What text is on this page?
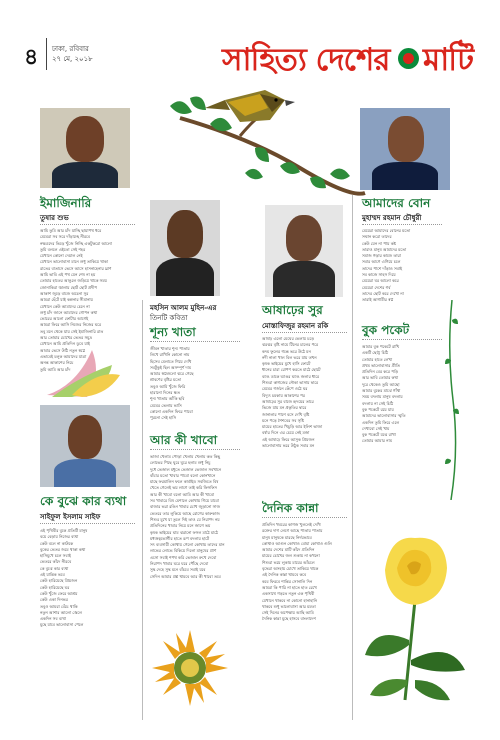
৪ ঢাকা, রবিবার
২৭ মে, ২০১৮	সাহিত্য দেশের মাটি
ইমাজিনারি
তুষার শুভ
আমি তুমি আর চাঁদ যাচ্ছি ছায়াপথ ধরে
মেঘেরা সব সরে দাঁড়াচ্ছে নীরবে
নক্ষত্রদের ভিড়ে খুঁজে নিচ্ছি একটুকরো আলো
তুমি বললে এইতো সেই শহর
যেখানে কোনো দেয়াল নেই
যেখানে ভালোবাসা মানে শুধু তাকিয়ে থাকা
রাতের বাতাসে ভেসে আসে হাসনাহেনার ঘ্রাণ
আমি ভাবি এই পথ যেন শেষ না হয়
তোমার হাতের আঙুলে জড়িয়ে থাকে সময়
জোনাকিরা জ্বালায় ছোট ছোট প্রদীপ
আকাশ জুড়ে বাজে অচেনা সুর
আমরা হেঁটে যাই কল্পনার সীমানায়
যেখানে কেউ আমাদের চেনে না
শুধু চাঁদ জানে আমাদের গোপন কথা
ভোরের আলো ফোটার আগেই
আমরা ফিরে আসি নিজের নিজের ঘরে
তবু মনে থেকে যায় সেই ইমাজিনারি রাত
আর তোমার চোখের ভেতর সমুদ্র
যেখানে আমি প্রতিদিন ডুবে যাই
আবার ভেসে উঠি নতুন স্বপ্নে
এভাবেই চলুক আমাদের যাত্রা
অনন্ত আকাশের নিচে
তুমি আমি আর চাঁদ
মহসিন আলম মুহিন-এর
তিনটি কবিতা
শূন্য খাতা
জীবন খাতার শূন্য পাতায়
লিখে রাখিনি কোনো নাম
হিসেব মেলাতে গিয়ে দেখি
সবটুকুই ছিল অসম্পূর্ণ দাম
আমার স্বপ্নগুলো ঝরে গেছে
শ্রাবণের বৃষ্টির মতো
তবুও আমি খুঁজে ফিরি
হারানো দিনের ক্ষত
শূন্য খাতায় আঁকি ছবি
মেঘের ভেলায় ভাসি
কোনো একদিন ফিরে পাবো
পুরনো সেই হাসি
আর কী খাবো
ভাজা খেলাম পোড়া খেলাম খেলাম কত কিছু
লোভের পিছে ঘুরে ঘুরে হলাম শুধু নিচু
দুধে ভেজাল মধুতে ভেজাল ভেজাল সবখানে
বাঁচার মতো খাবার পাবো বলো কোনখানে
মাছে ফরমালিন ফলে কার্বাইড সবজিতে বিষ
খেতে গেলেই ভয় লাগে তাই করি ফিসফিস
আর কী খাবো বলো আমি আর কী খাবো
সব খাবারে বিষ মেশালে কোথায় গিয়ে যাবো
বাজার ভরা রঙিন খাবার চোখ জুড়ানো সাজ
ভেতরে তার লুকিয়ে আছে রোগের কারুকাজ
শিশুর মুখে যা তুলে দিই তাও যে নিরাপদ নয়
প্রতিদিনের খাবার নিয়ে মনে জাগে ভয়
কৃষক ভাইয়ের ঘাম ঝরানো ফসল মাঠে মাঠে
মধ্যস্বত্বভোগীর হাতে রূপ বদলায় হাটে
সৎ ব্যবসায়ী কোথায় গেলো কোথায় তাদের মান
লাভের লোভে বিকিয়ে দিলো মানুষের প্রাণ
এসো সবাই শপথ করি ভেজাল রুখে দেবো
নিরাপদ খাবার ঘরে ঘরে পৌঁছে দেবো
সুস্থ দেহে সুস্থ মনে বাঁচবে সবাই যবে
সেদিন আমার প্রশ্ন থামবে আর কী খাবো তবে
আষাঢ়ের সুর
মোস্তাফিজুর রহমান রকি
আষাঢ় এলো মেঘের ভেলায় চড়ে
ঝরঝর বৃষ্টি নামে টিনের চালের পরে
কদম ফুলের গন্ধে ভরে উঠে মন
নদী নালা খাল বিল ভরে যায় তখন
কৃষক ভাইয়ের মুখে হাসি ফোটে
ধানের চারা রোপণ করতে মাঠে ছোটে
ব্যাঙ ডাকে ঘ্যাঙর ঘ্যাঙ জলার ধারে
শিশুরা কাগজের নৌকা ভাসায় দ্বারে
মেঘের গর্জনে কেঁপে ওঠে ঘর
বিদ্যুৎ চমকায় আকাশের পর
আষাঢ়ের সুর বাজে হৃদয়ের তারে
ভিজে যায় মন প্রকৃতির দ্বারে
জানালার পাশে বসে দেখি বৃষ্টি
মনে পড়ে শৈশবের সব সৃষ্টি
মায়ের হাতের খিচুড়ি আর ইলিশ ভাজা
বর্ষার দিনে এর চেয়ে নেই মজা
এই আষাঢ়ে ফিরে আসুক প্রিয়জন
ভালোবাসায় ভরে উঠুক সবার মন
দৈনিক কান্না
প্রতিদিন খবরের কাগজ খুললেই দেখি
রক্তের দাগ লেগে আছে পাতায় পাতায়
মানুষ মানুষকে মারছে নির্দয়ভাবে
কোথাও আগুন কোথাও বোমা কোথাও গুলি
আমার দেশের মাটি কাঁদে প্রতিদিন
মায়ের চোখের জল শুকায় না কখনো
শিশুরা ভয়ে লুকায় মায়ের আঁচলে
বৃদ্ধেরা অসহায় চোখে তাকিয়ে থাকে
এই দৈনিক কান্না থামবে কবে
কবে ফিরবে শান্তির সোনালি দিন
আমরা কি পারি না হাতে হাত রেখে
একসাথে গড়তে নতুন এক পৃথিবী
যেখানে থাকবে না কোনো হানাহানি
থাকবে শুধু ভালোবাসা আর মমতা
সেই দিনের অপেক্ষায় আছি আমি
দৈনিক কান্না মুছে হাসবে বাংলাদেশ
আমাদের বোন
মুহাম্মদ রহমান চৌধুরী
মেয়েরা আমাদের বোনের মতো
সম্মান করো তাদের
কেউ যেন না পায় কষ্ট
তারাও মানুষ আমাদের মতো
সমাজ গড়ার কাজে তারা
সবার আগে এগিয়ে চলে
তাদের পাশে দাঁড়াও সবাই
সব কাজে সাহস দিয়ে
মেয়েরা ঘর আলো করে
মেয়েরা দেশের গর্ব
তাদের ছোট করে দেখো না
তারাই আগামীর স্বপ্ন
বুক পকেট
আমার বুক পকেটে রাখি
একটি ছোট্ট চিঠি
তোমার হাতে লেখা
প্রথম ভালোবাসার প্রীতি
প্রতিদিন বের করে পড়ি
আর ভাবি তোমার কথা
দূরে থেকেও তুমি আছো
আমার বুকের মাঝে গাঁথা
সময় বদলায় মানুষ বদলায়
বদলায় না সেই চিঠি
বুক পকেটে রয়ে যায়
আমাদের ভালোবাসার স্মৃতি
একদিন তুমি ফিরে এলে
দেখাবো সেই খাম
বুক পকেটে যত্নে রাখা
তোমার আমার নাম
কে বুঝে কার ব্যথা
সাইফুল ইসলাম সাইফ
এই পৃথিবীর বুকে প্রতিটি মানুষ
বয়ে বেড়ায় নিজের ব্যথা
কেউ বলে না কাউকে
বুকের ভেতর জমে থাকা কথা
হাসিমুখে চলে সবাই
ভেতরে কাঁদে নীরবে
কে বুঝে কার ব্যথা
এই যান্ত্রিক ভবে
কেউ হারিয়েছে প্রিয়জন
কেউ হারিয়েছে ঘর
কেউ খুঁজে ফেরে আশ্রয়
কেউ একা দিনভর
তবুও আমরা বেঁচে থাকি
নতুন আশার আলো জ্বেলে
একদিন সব ব্যথা
মুছে যাবে ভালোবাসা পেলে
